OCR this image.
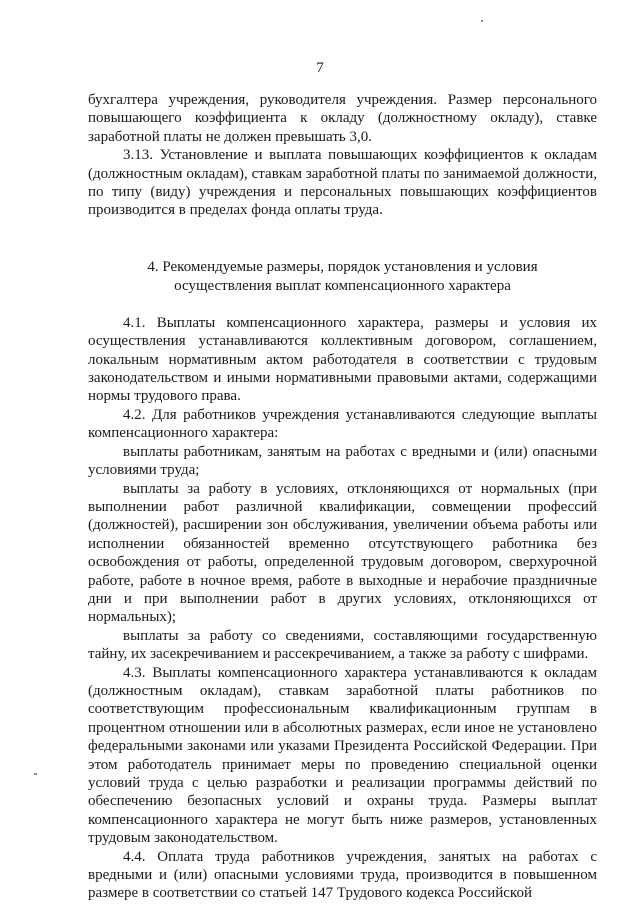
7

бухгалтера учреждения, руководителя учреждения. Размер персонального повышающего коэффициента к окладу (должностному окладу), ставке заработной платы не должен превышать 3,0.

3.13. Установление и выплата повышающих коэффициентов к окладам (должностным окладам), ставкам заработной платы по занимаемой должности, по типу (виду) учреждения и персональных повышающих коэффициентов производится в пределах фонда оплаты труда.

4. Рекомендуемые размеры, порядок установления и условия
осуществления выплат компенсационного характера

4.1. Выплаты компенсационного характера, размеры и условия их осуществления устанавливаются коллективным договором, соглашением, локальным нормативным актом работодателя в соответствии с трудовым законодательством и иными нормативными правовыми актами, содержащими нормы трудового права.

4.2. Для работников учреждения устанавливаются следующие выплаты компенсационного характера:

выплаты работникам, занятым на работах с вредными и (или) опасными условиями труда;

выплаты за работу в условиях, отклоняющихся от нормальных (при выполнении работ различной квалификации, совмещении профессий (должностей), расширении зон обслуживания, увеличении объема работы или исполнении обязанностей временно отсутствующего работника без освобождения от работы, определенной трудовым договором, сверхурочной работе, работе в ночное время, работе в выходные и нерабочие праздничные дни и при выполнении работ в других условиях, отклоняющихся от нормальных);

выплаты за работу со сведениями, составляющими государственную тайну, их засекречиванием и рассекречиванием, а также за работу с шифрами.

4.3. Выплаты компенсационного характера устанавливаются к окладам (должностным окладам), ставкам заработной платы работников по соответствующим профессиональным квалификационным группам в процентном отношении или в абсолютных размерах, если иное не установлено федеральными законами или указами Президента Российской Федерации. При этом работодатель принимает меры по проведению специальной оценки условий труда с целью разработки и реализации программы действий по обеспечению безопасных условий и охраны труда. Размеры выплат компенсационного характера не могут быть ниже размеров, установленных трудовым законодательством.

4.4. Оплата труда работников учреждения, занятых на работах с вредными и (или) опасными условиями труда, производится в повышенном размере в соответствии со статьей 147 Трудового кодекса Российской
